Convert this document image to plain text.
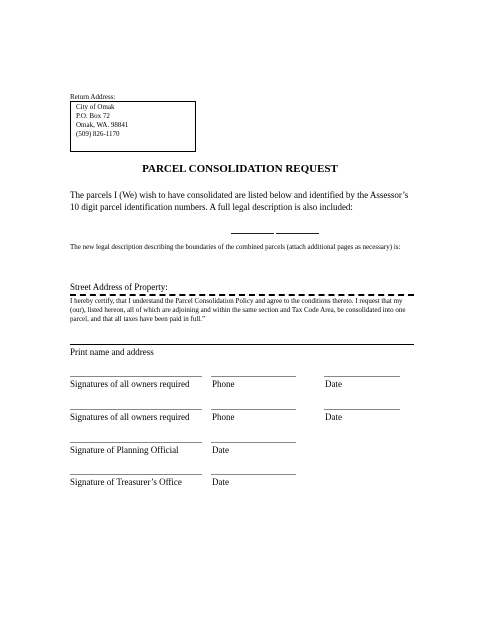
Return Address:
City of Omak
P.O. Box 72
Omak, WA. 98841
(509) 826-1170
PARCEL CONSOLIDATION REQUEST
The parcels I (We) wish to have consolidated are listed below and identified by the Assessor’s 10 digit parcel identification numbers. A full legal description is also included:
The new legal description describing the boundaries of the combined parcels (attach additional pages as necessary) is:
Street Address of Property:
I hereby certify, that I understand the Parcel Consolidation Policy and agree to the conditions thereto. I request that my (our), listed hereon, all of which are adjoining and within the same section and Tax Code Area, be consolidated into one parcel, and that all taxes have been paid in full.”
Print name and address
Signatures of all owners required	Phone	Date
Signatures of all owners required	Phone	Date
Signature of Planning Official	Date
Signature of Treasurer’s Office	Date
